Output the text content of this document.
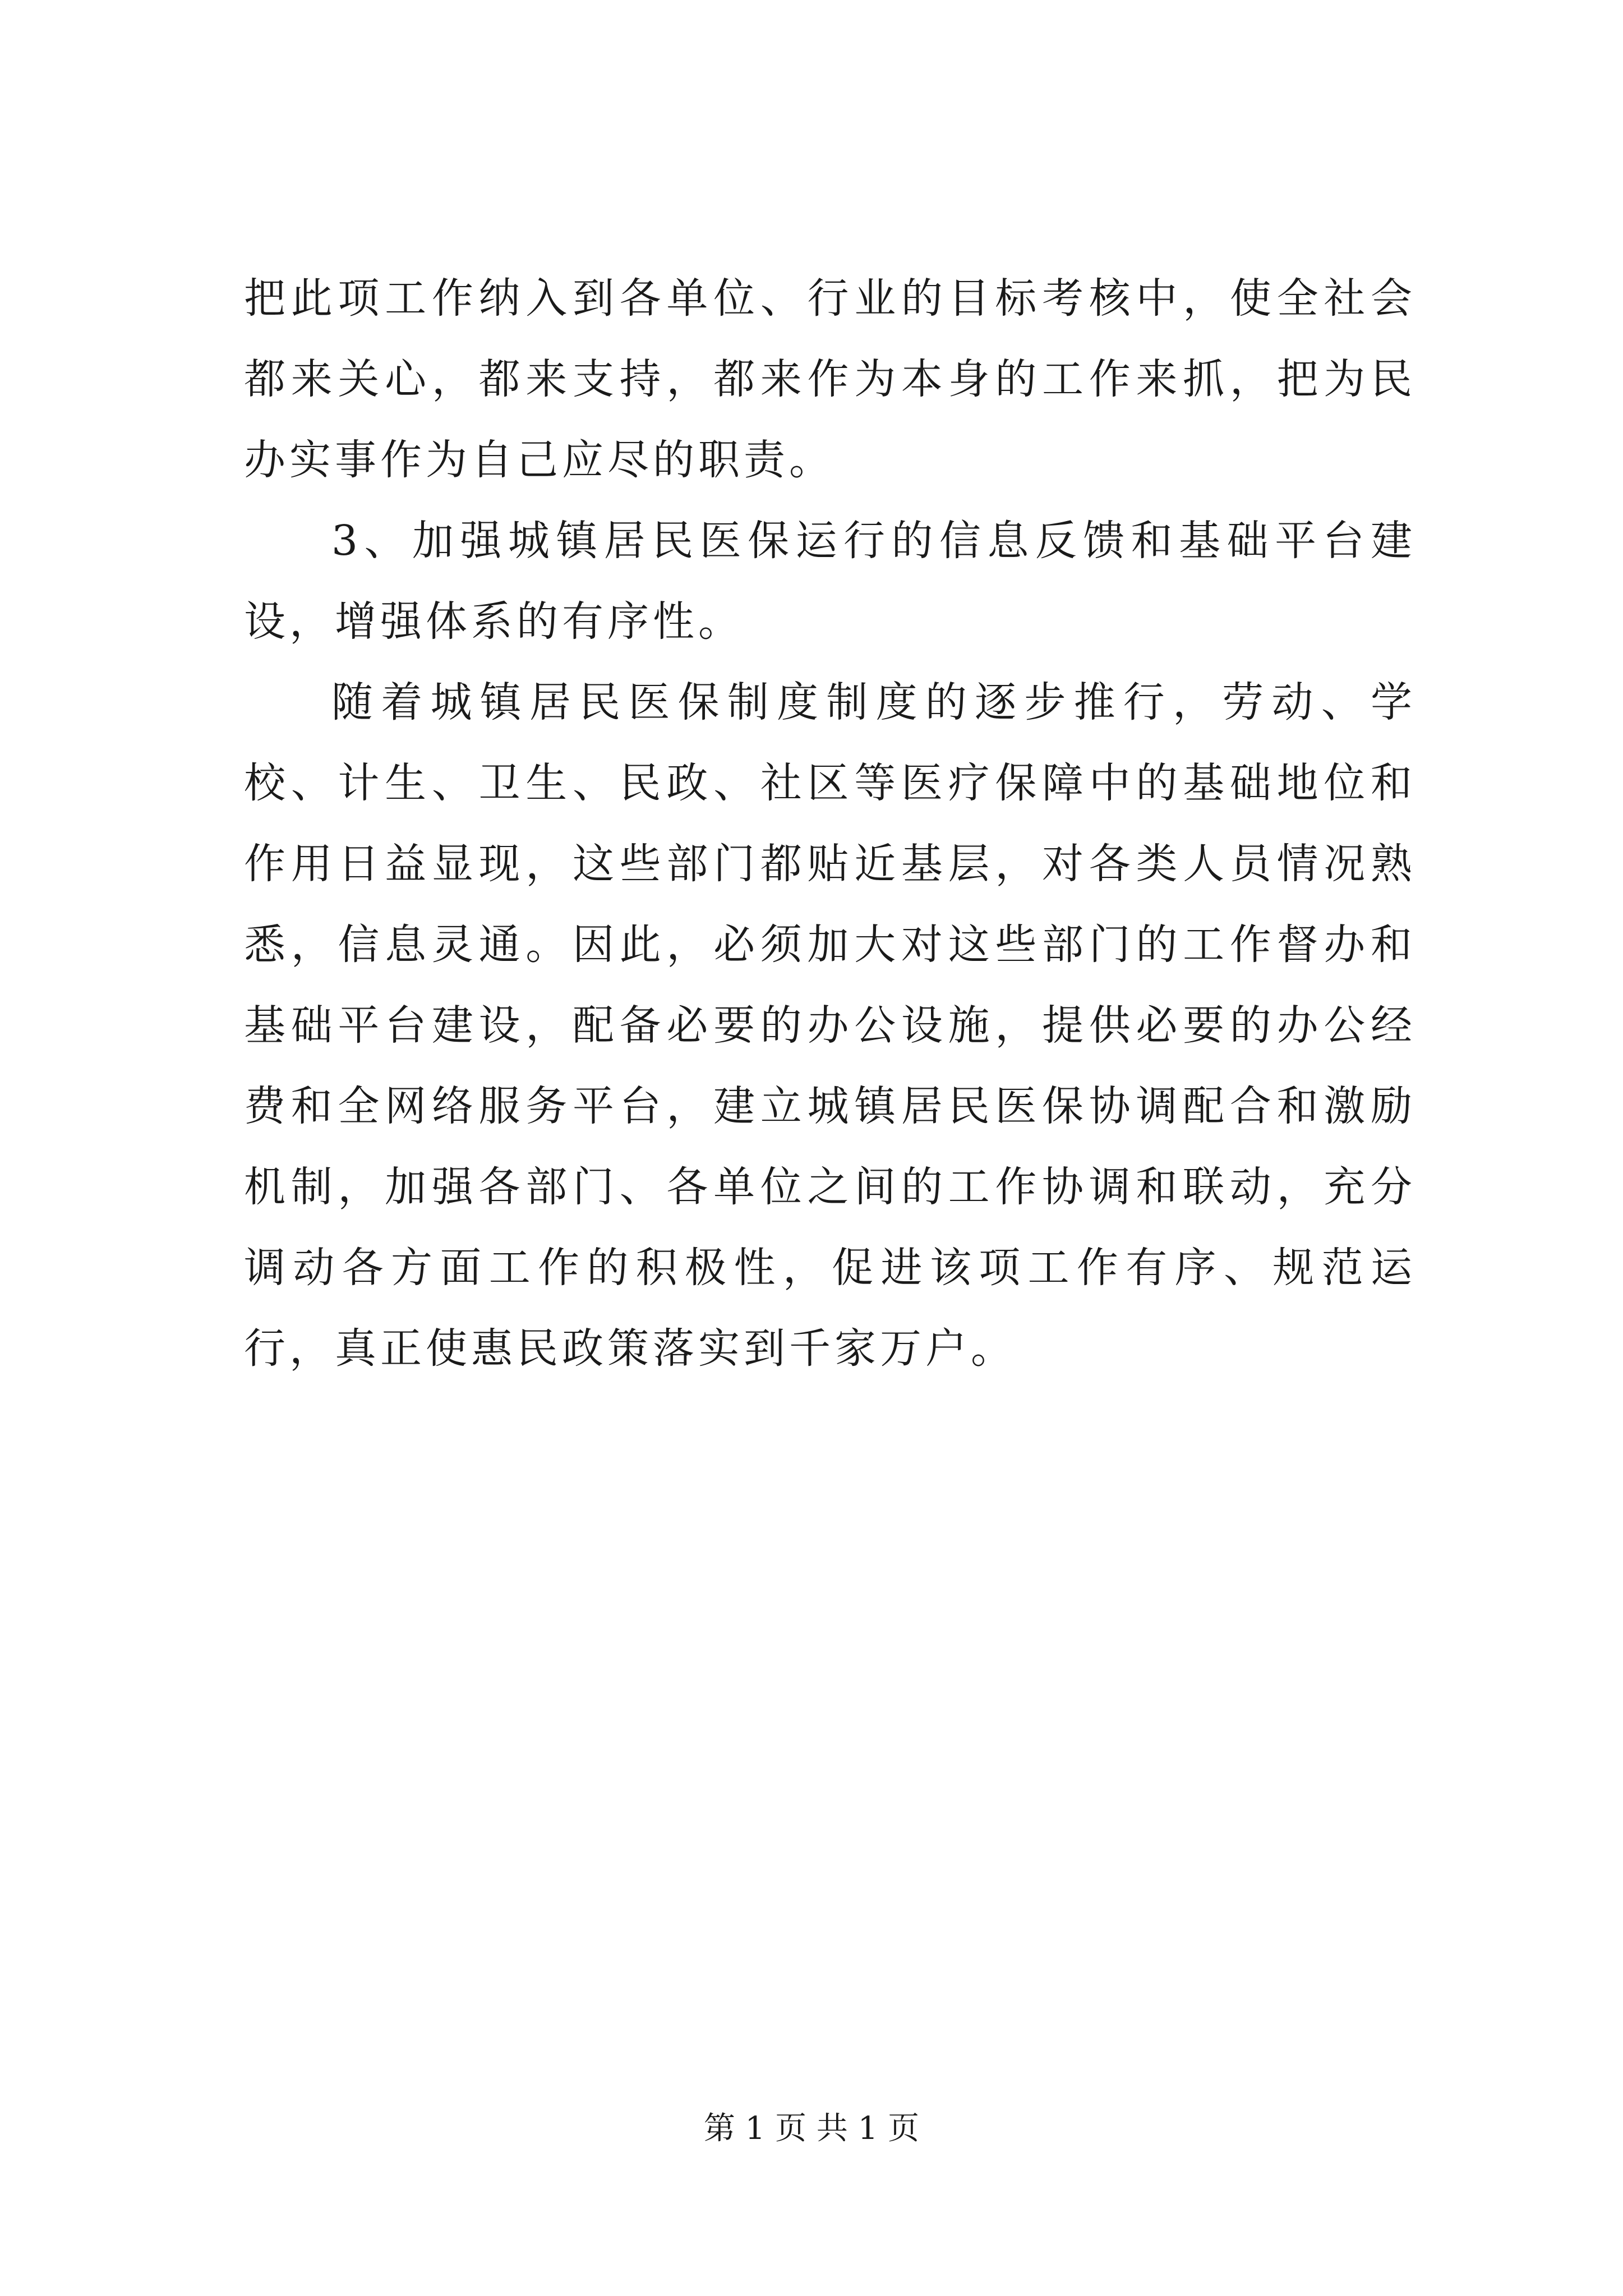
把此项工作纳入到各单位、行业的目标考核中，使全社会都来关心，都来支持，都来作为本身的工作来抓，把为民办实事作为自己应尽的职责。

3、加强城镇居民医保运行的信息反馈和基础平台建设，增强体系的有序性。

随着城镇居民医保制度制度的逐步推行，劳动、学校、计生、卫生、民政、社区等医疗保障中的基础地位和作用日益显现，这些部门都贴近基层，对各类人员情况熟悉，信息灵通。因此，必须加大对这些部门的工作督办和基础平台建设，配备必要的办公设施，提供必要的办公经费和全网络服务平台，建立城镇居民医保协调配合和激励机制，加强各部门、各单位之间的工作协调和联动，充分调动各方面工作的积极性，促进该项工作有序、规范运行，真正使惠民政策落实到千家万户。

第 1 页 共 1 页
